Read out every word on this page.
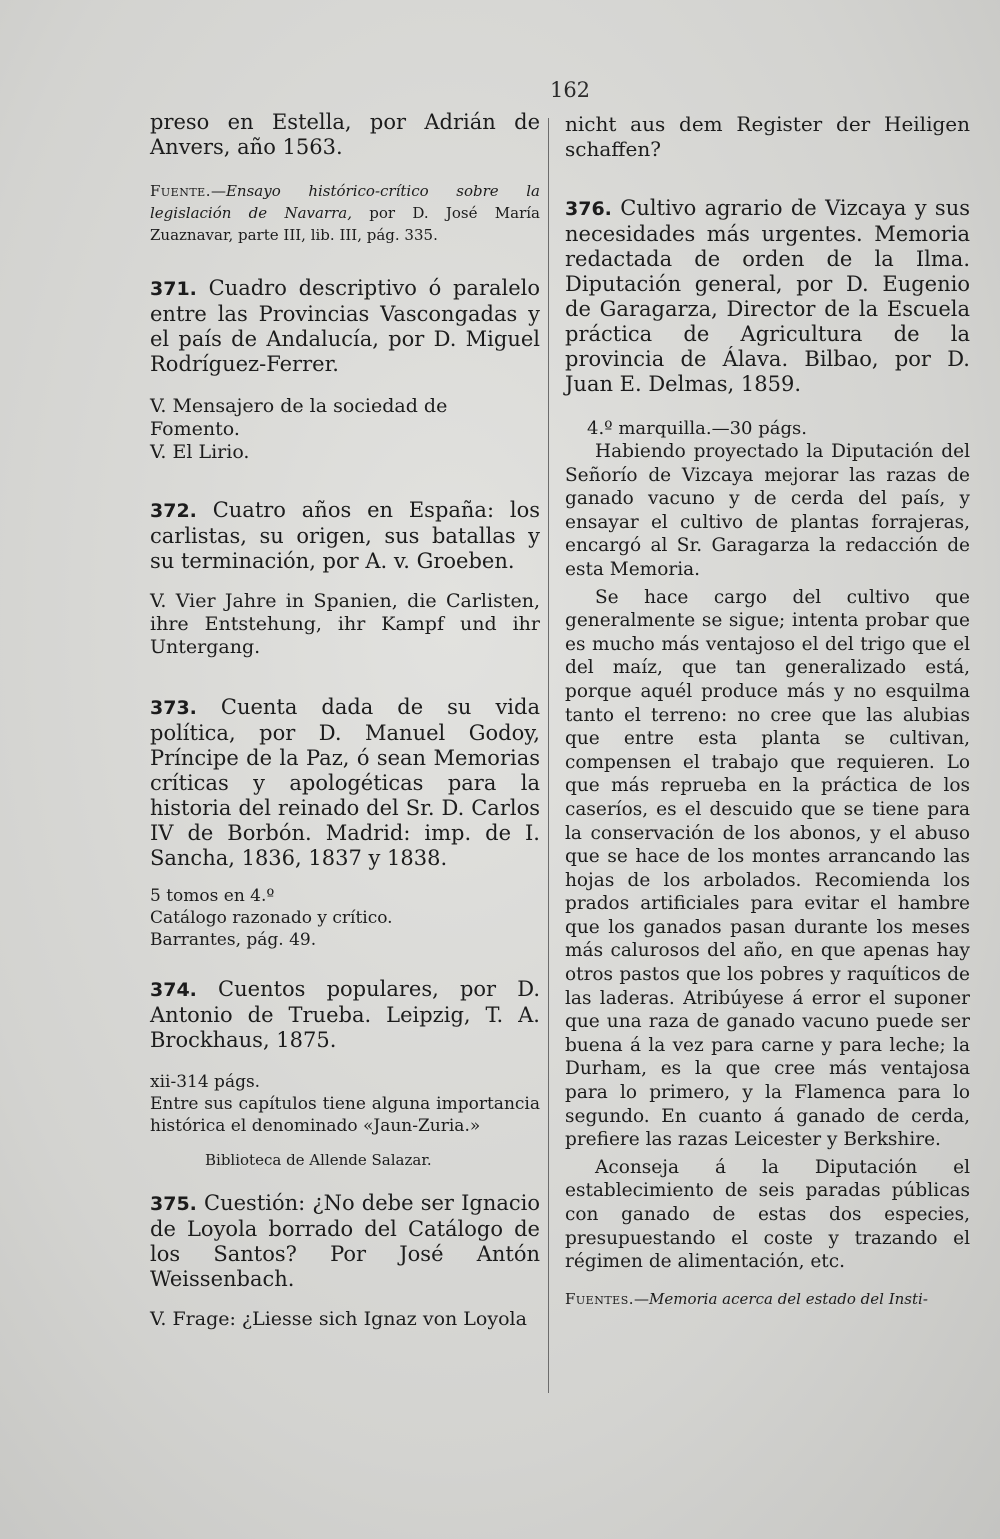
162

preso en Estella, por Adrián de Anvers, año 1563.

Fuente.—Ensayo histórico-crítico sobre la legislación de Navarra, por D. José María Zuaznavar, parte III, lib. III, pág. 335.

371. Cuadro descriptivo ó paralelo entre las Provincias Vascongadas y el país de Andalucía, por D. Miguel Rodríguez-Ferrer.

V. Mensajero de la sociedad de Fomento.

V. El Lirio.

372. Cuatro años en España: los carlistas, su origen, sus batallas y su terminación, por A. v. Groeben.

V. Vier Jahre in Spanien, die Carlisten, ihre Entstehung, ihr Kampf und ihr Untergang.

373. Cuenta dada de su vida política, por D. Manuel Godoy, Príncipe de la Paz, ó sean Memorias críticas y apologéticas para la historia del reinado del Sr. D. Carlos IV de Borbón. Madrid: imp. de I. Sancha, 1836, 1837 y 1838.

5 tomos en 4.º

Catálogo razonado y crítico.

Barrantes, pág. 49.

374. Cuentos populares, por D. Antonio de Trueba. Leipzig, T. A. Brockhaus, 1875.

xii-314 págs.

Entre sus capítulos tiene alguna importancia histórica el denominado «Jaun-Zuria.»

Biblioteca de Allende Salazar.

375. Cuestión: ¿No debe ser Ignacio de Loyola borrado del Catálogo de los Santos? Por José Antón Weissenbach.

V. Frage: ¿Liesse sich Ignaz von Loyola

nicht aus dem Register der Heiligen schaffen?

376. Cultivo agrario de Vizcaya y sus necesidades más urgentes. Memoria redactada de orden de la Ilma. Diputación general, por D. Eugenio de Garagarza, Director de la Escuela práctica de Agricultura de la provincia de Álava. Bilbao, por D. Juan E. Delmas, 1859.

4.º marquilla.—30 págs.

Habiendo proyectado la Diputación del Señorío de Vizcaya mejorar las razas de ganado vacuno y de cerda del país, y ensayar el cultivo de plantas forrajeras, encargó al Sr. Garagarza la redacción de esta Memoria.

Se hace cargo del cultivo que generalmente se sigue; intenta probar que es mucho más ventajoso el del trigo que el del maíz, que tan generalizado está, porque aquél produce más y no esquilma tanto el terreno: no cree que las alubias que entre esta planta se cultivan, compensen el trabajo que requieren. Lo que más reprueba en la práctica de los caseríos, es el descuido que se tiene para la conservación de los abonos, y el abuso que se hace de los montes arrancando las hojas de los arbolados. Recomienda los prados artificiales para evitar el hambre que los ganados pasan durante los meses más calurosos del año, en que apenas hay otros pastos que los pobres y raquíticos de las laderas. Atribúyese á error el suponer que una raza de ganado vacuno puede ser buena á la vez para carne y para leche; la Durham, es la que cree más ventajosa para lo primero, y la Flamenca para lo segundo. En cuanto á ganado de cerda, prefiere las razas Leicester y Berkshire.

Aconseja á la Diputación el establecimiento de seis paradas públicas con ganado de estas dos especies, presupuestando el coste y trazando el régimen de alimentación, etc.

Fuentes.—Memoria acerca del estado del Insti-
